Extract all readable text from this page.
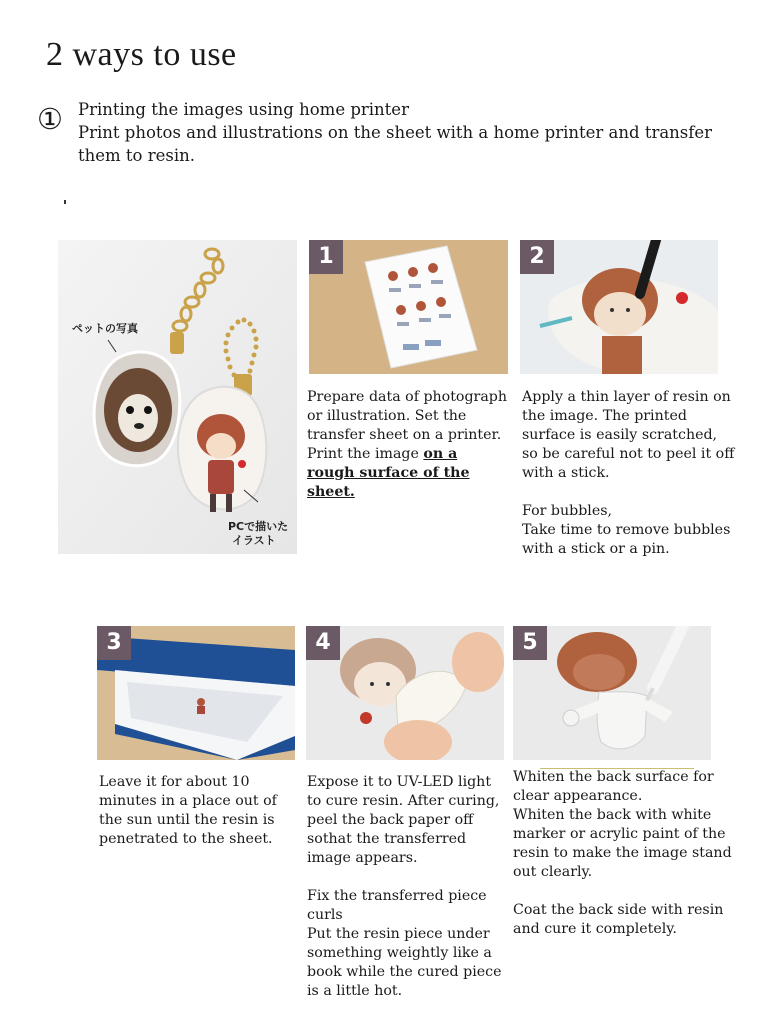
2 ways to use
① Printing the images using home printer

Print photos and illustrations on the sheet with a home printer and transfer them to resin.

ペットの写真
PCで描いた
イラスト
1	2

Prepare data of photograph or illustration. Set the transfer sheet on a printer. Print the image on a rough surface of the sheet.

Apply a thin layer of resin on the image. The printed surface is easily scratched, so be careful not to peel it off with a stick.

For bubbles,

Take time to remove bubbles with a stick or a pin.

3	4	5

Leave it for about 10 minutes in a place out of the sun until the resin is penetrated to the sheet.

Expose it to UV-LED light to cure resin. After curing, peel the back paper off sothat the transferred image appears.

Fix the transferred piece curls

Put the resin piece under something weightly like a book while the cured piece is a little hot.

Whiten the back surface for clear appearance.

Whiten the back with white marker or acrylic paint of the resin to make the image stand out clearly.

Coat the back side with resin and cure it completely.
